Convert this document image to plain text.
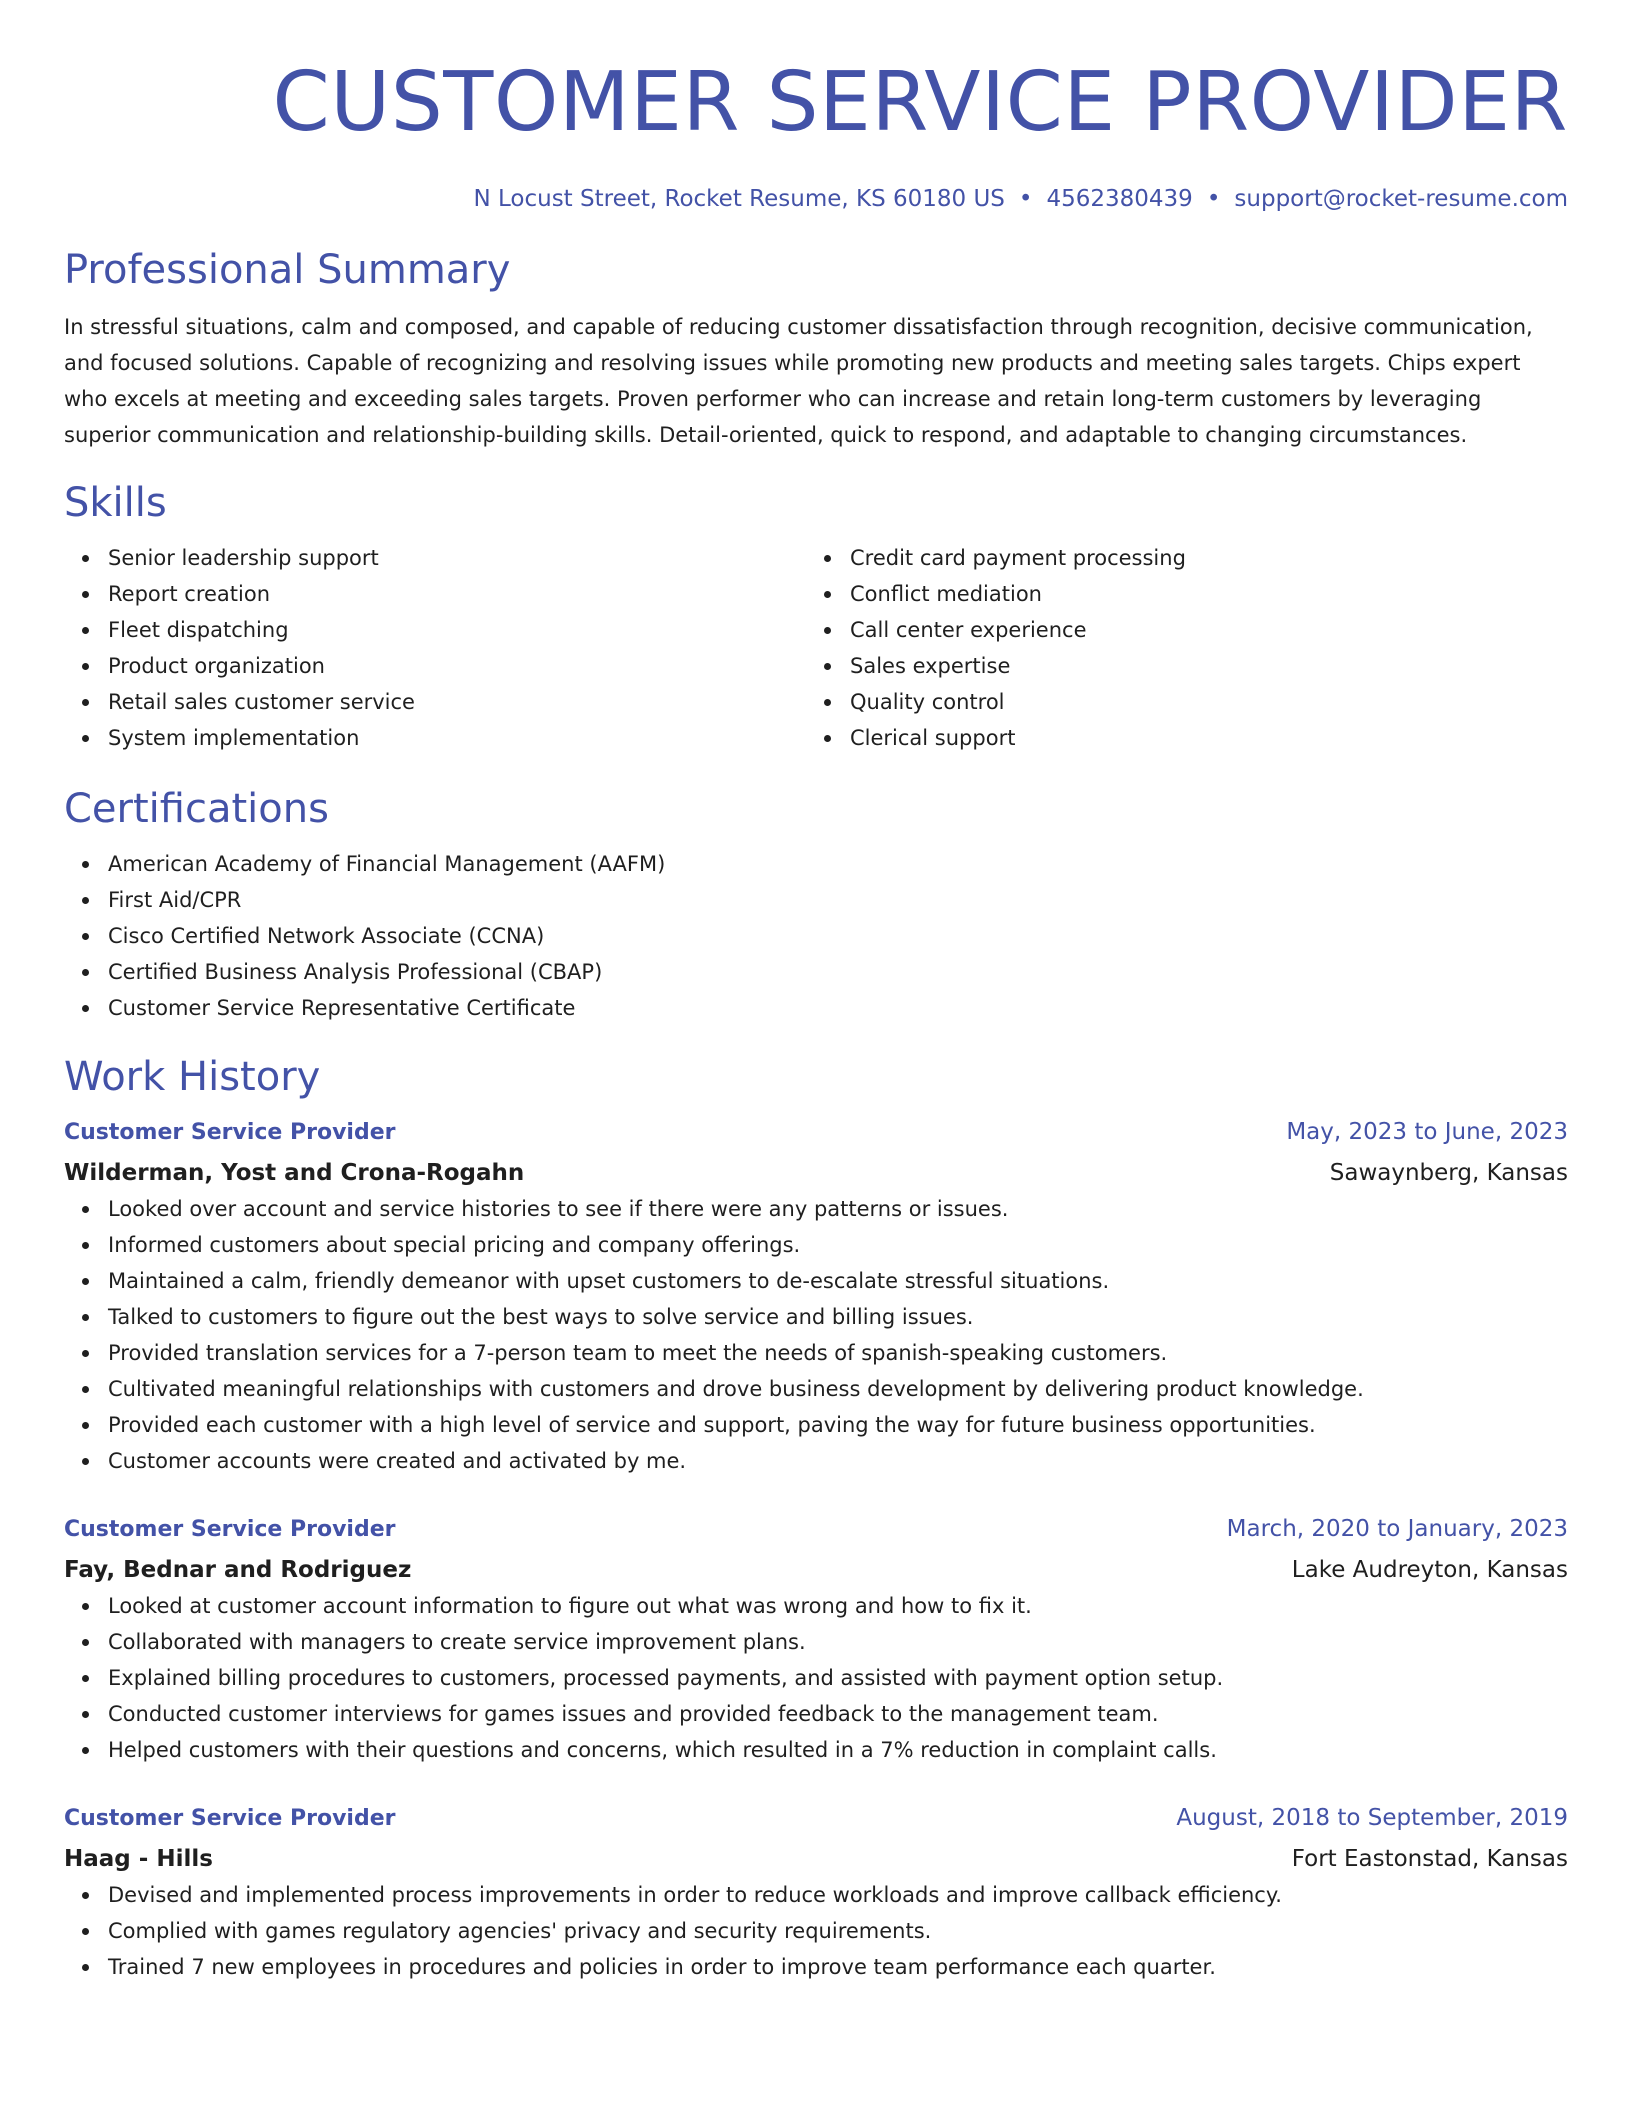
CUSTOMER SERVICE PROVIDER
N Locust Street, Rocket Resume, KS 60180 US • 4562380439 • support@rocket-resume.com
Professional Summary
In stressful situations, calm and composed, and capable of reducing customer dissatisfaction through recognition, decisive communication, and focused solutions. Capable of recognizing and resolving issues while promoting new products and meeting sales targets. Chips expert who excels at meeting and exceeding sales targets. Proven performer who can increase and retain long-term customers by leveraging superior communication and relationship-building skills. Detail-oriented, quick to respond, and adaptable to changing circumstances.
Skills
Senior leadership support
Report creation
Fleet dispatching
Product organization
Retail sales customer service
System implementation
Credit card payment processing
Conflict mediation
Call center experience
Sales expertise
Quality control
Clerical support
Certifications
American Academy of Financial Management (AAFM)
First Aid/CPR
Cisco Certified Network Associate (CCNA)
Certified Business Analysis Professional (CBAP)
Customer Service Representative Certificate
Work History
Customer Service Provider	May, 2023 to June, 2023
Wilderman, Yost and Crona-Rogahn	Sawaynberg, Kansas
Looked over account and service histories to see if there were any patterns or issues.
Informed customers about special pricing and company offerings.
Maintained a calm, friendly demeanor with upset customers to de-escalate stressful situations.
Talked to customers to figure out the best ways to solve service and billing issues.
Provided translation services for a 7-person team to meet the needs of spanish-speaking customers.
Cultivated meaningful relationships with customers and drove business development by delivering product knowledge.
Provided each customer with a high level of service and support, paving the way for future business opportunities.
Customer accounts were created and activated by me.
Customer Service Provider	March, 2020 to January, 2023
Fay, Bednar and Rodriguez	Lake Audreyton, Kansas
Looked at customer account information to figure out what was wrong and how to fix it.
Collaborated with managers to create service improvement plans.
Explained billing procedures to customers, processed payments, and assisted with payment option setup.
Conducted customer interviews for games issues and provided feedback to the management team.
Helped customers with their questions and concerns, which resulted in a 7% reduction in complaint calls.
Customer Service Provider	August, 2018 to September, 2019
Haag - Hills	Fort Eastonstad, Kansas
Devised and implemented process improvements in order to reduce workloads and improve callback efficiency.
Complied with games regulatory agencies' privacy and security requirements.
Trained 7 new employees in procedures and policies in order to improve team performance each quarter.
